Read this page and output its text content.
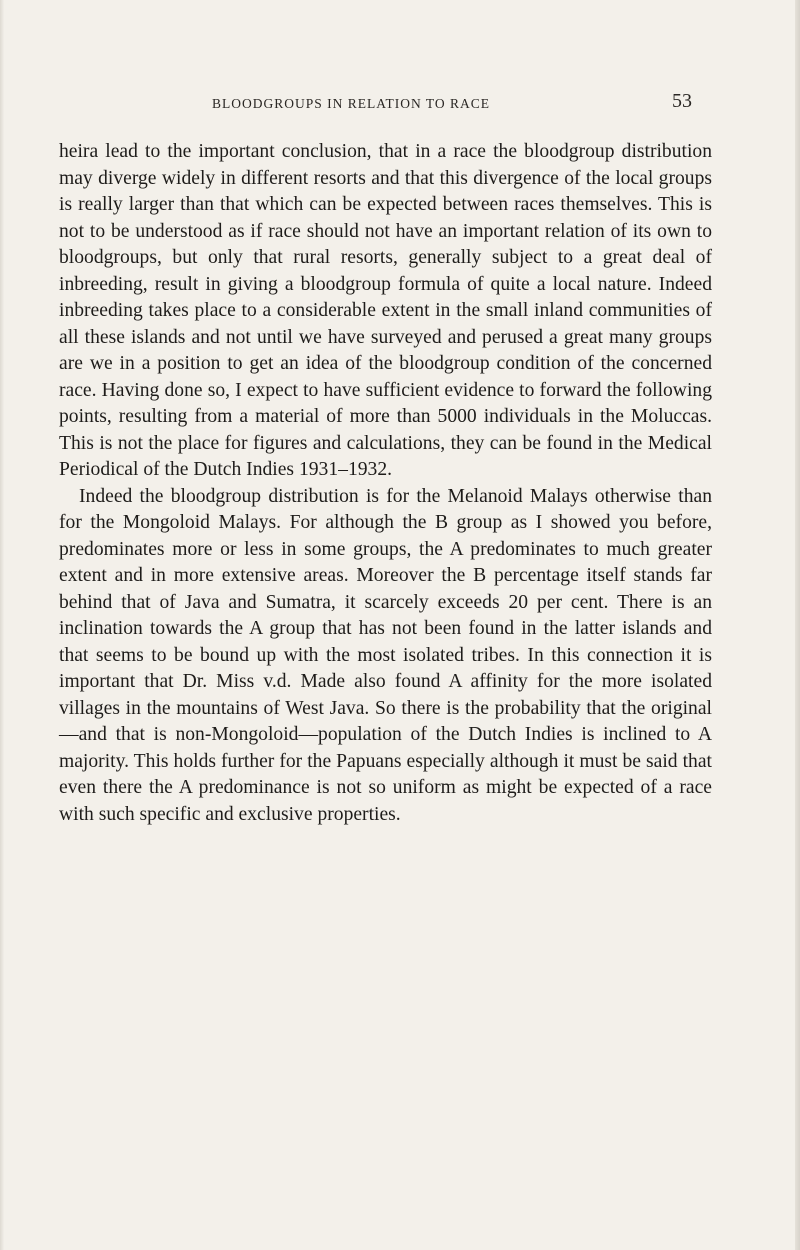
BLOODGROUPS IN RELATION TO RACE	53

heira lead to the important conclusion, that in a race the bloodgroup distribution may diverge widely in different resorts and that this divergence of the local groups is really larger than that which can be expected between races themselves. This is not to be understood as if race should not have an important relation of its own to bloodgroups, but only that rural resorts, generally subject to a great deal of inbreeding, result in giving a bloodgroup formula of quite a local nature. Indeed inbreeding takes place to a considerable extent in the small inland communities of all these islands and not until we have surveyed and perused a great many groups are we in a position to get an idea of the bloodgroup condition of the concerned race. Having done so, I expect to have sufficient evidence to forward the following points, resulting from a material of more than 5000 individuals in the Moluccas. This is not the place for figures and calculations, they can be found in the Medical Periodical of the Dutch Indies 1931–1932.

Indeed the bloodgroup distribution is for the Melanoid Malays otherwise than for the Mongoloid Malays. For although the B group as I showed you before, predominates more or less in some groups, the A predominates to much greater extent and in more extensive areas. Moreover the B percentage itself stands far behind that of Java and Sumatra, it scarcely exceeds 20 per cent. There is an inclination towards the A group that has not been found in the latter islands and that seems to be bound up with the most isolated tribes. In this connection it is important that Dr. Miss v.d. Made also found A affinity for the more isolated villages in the mountains of West Java. So there is the probability that the original—and that is non-Mongoloid—population of the Dutch Indies is inclined to A majority. This holds further for the Papuans especially although it must be said that even there the A predominance is not so uniform as might be expected of a race with such specific and exclusive properties.
